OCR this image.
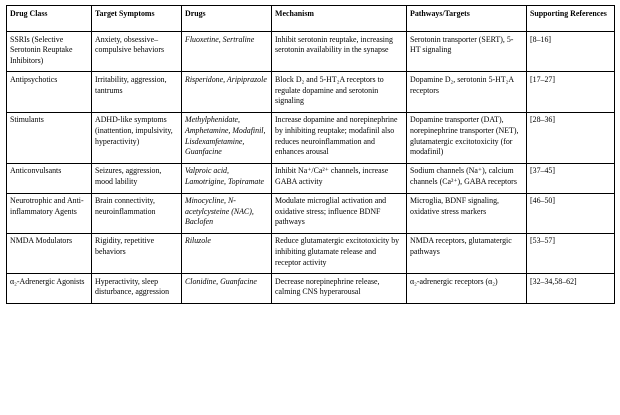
Drug Class	Target Symptoms	Drugs	Mechanism	Pathways/Targets	Supporting References
SSRIs (Selective Serotonin Reuptake Inhibitors)	Anxiety, obsessive–compulsive behaviors	Fluoxetine, Sertraline	Inhibit serotonin reuptake, increasing serotonin availability in the synapse	Serotonin transporter (SERT), 5-HT signaling	[8–16]
Antipsychotics	Irritability, aggression, tantrums	Risperidone, Aripiprazole	Block D₂ and 5-HT₂A receptors to regulate dopamine and serotonin signaling	Dopamine D₂, serotonin 5-HT₂A receptors	[17–27]
Stimulants	ADHD-like symptoms (inattention, impulsivity, hyperactivity)	Methylphenidate, Amphetamine, Modafinil, Lisdexamfetamine, Guanfacine	Increase dopamine and norepinephrine by inhibiting reuptake; modafinil also reduces neuroinflammation and enhances arousal	Dopamine transporter (DAT), norepinephrine transporter (NET), glutamatergic excitotoxicity (for modafinil)	[28–36]
Anticonvulsants	Seizures, aggression, mood lability	Valproic acid, Lamotrigine, Topiramate	Inhibit Na⁺/Ca²⁺ channels, increase GABA activity	Sodium channels (Na⁺), calcium channels (Ca²⁺), GABA receptors	[37–45]
Neurotrophic and Anti-inflammatory Agents	Brain connectivity, neuroinflammation	Minocycline, N-acetylcysteine (NAC), Baclofen	Modulate microglial activation and oxidative stress; influence BDNF pathways	Microglia, BDNF signaling, oxidative stress markers	[46–50]
NMDA Modulators	Rigidity, repetitive behaviors	Riluzole	Reduce glutamatergic excitotoxicity by inhibiting glutamate release and receptor activity	NMDA receptors, glutamatergic pathways	[53–57]
α₂-Adrenergic Agonists	Hyperactivity, sleep disturbance, aggression	Clonidine, Guanfacine	Decrease norepinephrine release, calming CNS hyperarousal	α₂-adrenergic receptors (α₂)	[32–34,58–62]
